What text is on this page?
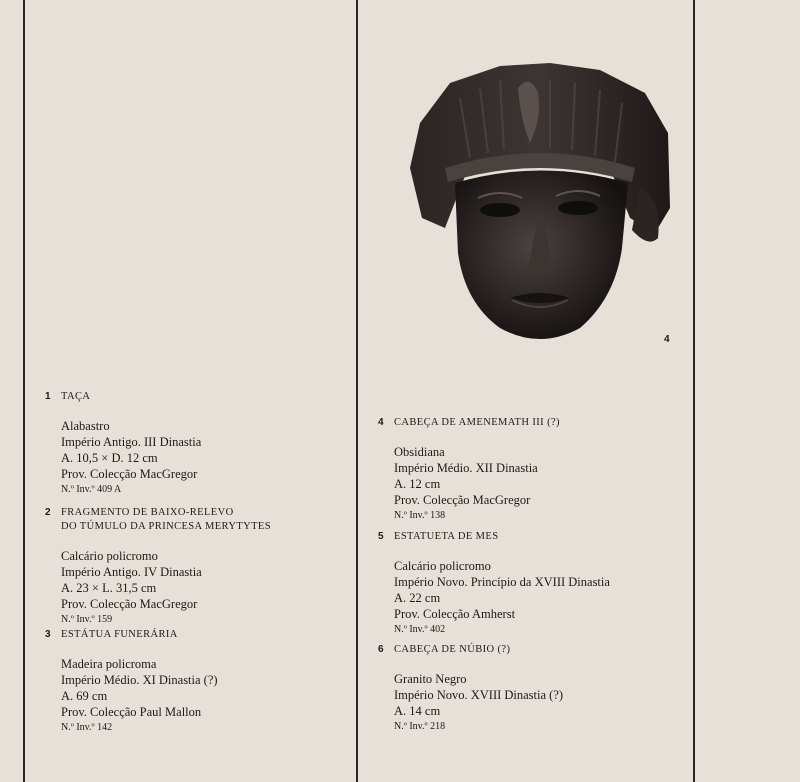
4
1 TAÇA
Alabastro
Império Antigo. III Dinastia
A. 10,5 × D. 12 cm
Prov. Colecção MacGregor
N.º Inv.º 409 A
2 FRAGMENTO DE BAIXO-RELEVO
DO TÚMULO DA PRINCESA MERYTYTES
Calcário policromo
Império Antigo. IV Dinastia
A. 23 × L. 31,5 cm
Prov. Colecção MacGregor
N.º Inv.º 159
3 ESTÁTUA FUNERÁRIA
Madeira policroma
Império Médio. XI Dinastia (?)
A. 69 cm
Prov. Colecção Paul Mallon
N.º Inv.º 142
4 CABEÇA DE AMENEMATH III (?)
Obsidiana
Império Médio. XII Dinastia
A. 12 cm
Prov. Colecção MacGregor
N.º Inv.º 138
5 ESTATUETA DE MES
Calcário policromo
Império Novo. Princípio da XVIII Dinastia
A. 22 cm
Prov. Colecção Amherst
N.º Inv.º 402
6 CABEÇA DE NÚBIO (?)
Granito Negro
Império Novo. XVIII Dinastia (?)
A. 14 cm
N.º Inv.º 218
